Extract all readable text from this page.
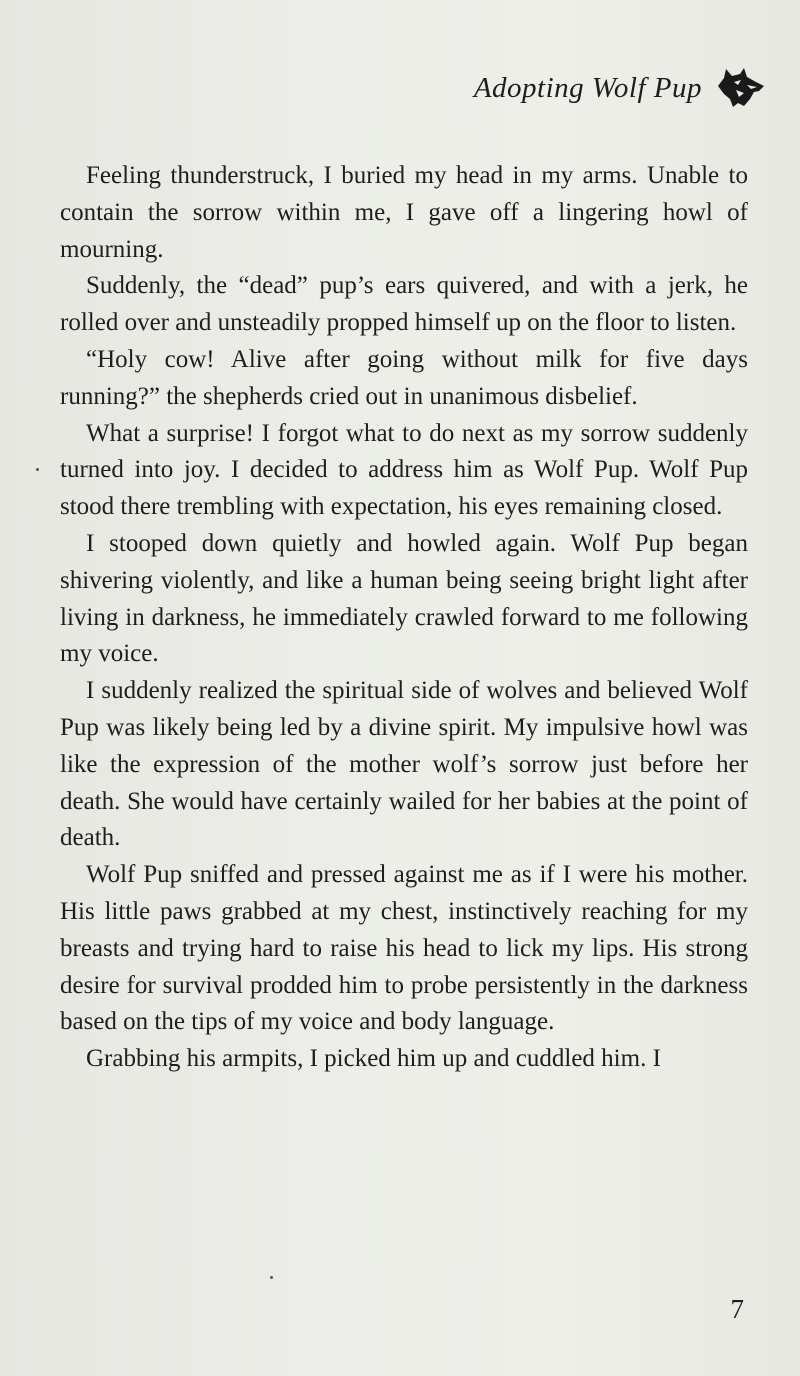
Adopting Wolf Pup

Feeling thunderstruck, I buried my head in my arms. Unable to contain the sorrow within me, I gave off a lingering howl of mourning.

Suddenly, the “dead” pup’s ears quivered, and with a jerk, he rolled over and unsteadily propped himself up on the floor to listen.

“Holy cow! Alive after going without milk for five days running?” the shepherds cried out in unanimous disbelief.

What a surprise! I forgot what to do next as my sorrow suddenly turned into joy. I decided to address him as Wolf Pup. Wolf Pup stood there trembling with expectation, his eyes remaining closed.

I stooped down quietly and howled again. Wolf Pup began shivering violently, and like a human being seeing bright light after living in darkness, he immediately crawled forward to me following my voice.

I suddenly realized the spiritual side of wolves and believed Wolf Pup was likely being led by a divine spirit. My impulsive howl was like the expression of the mother wolf’s sorrow just before her death. She would have certainly wailed for her babies at the point of death.

Wolf Pup sniffed and pressed against me as if I were his mother. His little paws grabbed at my chest, instinctively reaching for my breasts and trying hard to raise his head to lick my lips. His strong desire for survival prodded him to probe persistently in the darkness based on the tips of my voice and body language.

Grabbing his armpits, I picked him up and cuddled him. I

7
